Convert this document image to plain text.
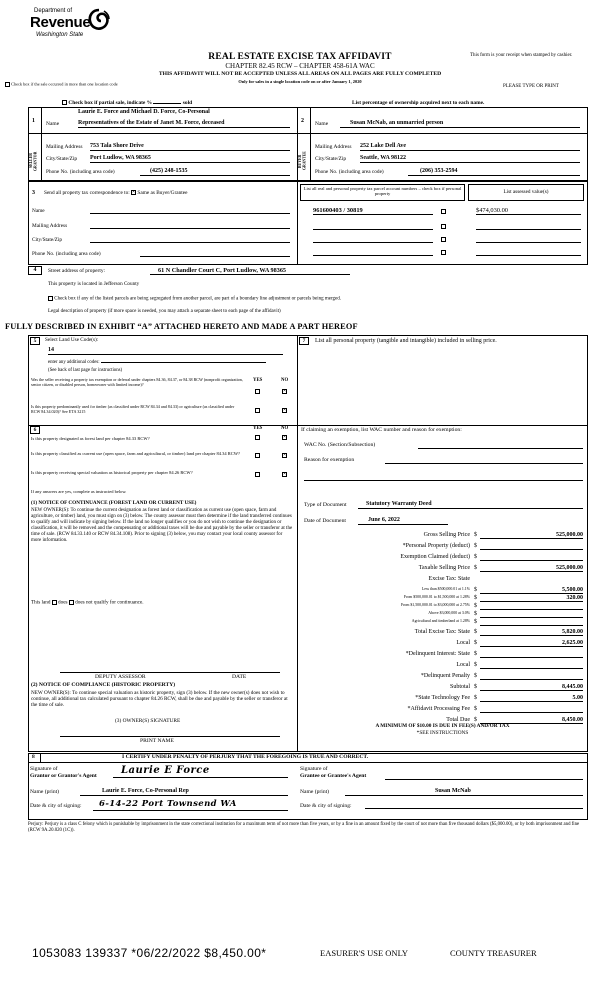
Department of
Revenue
Washington State
REAL ESTATE EXCISE TAX AFFIDAVIT
CHAPTER 82.45 RCW – CHAPTER 458-61A WAC
THIS AFFIDAVIT WILL NOT BE ACCEPTED UNLESS ALL AREAS ON ALL PAGES ARE FULLY COMPLETED
Only for sales in a single location code on or after January 1, 2020
This form is your receipt when stamped by cashier.
PLEASE TYPE OR PRINT
Check box if the sale occurred in more than one location code
Check box if partial sale, indicate %	sold	List percentage of ownership acquired next to each name.
1 Name
Laurie E. Force and Michael D. Force, Co-Personal
Representatives of the Estate of Janet M. Force, deceased
SELLER GRANTOR
Mailing Address 753 Tala Shore Drive
City/State/Zip Port Ludlow, WA 98365
Phone No. (including area code)	(425) 248-1535
2 Name	Susan McNab, an unmarried person
BUYER GRANTEE
Mailing Address 252 Lake Dell Ave
City/State/Zip Seattle, WA 98122
Phone No. (including area code)	(206) 353-2594
3 Send all property tax correspondence to: × Same as Buyer/Grantee
Name
Mailing Address
City/State/Zip
Phone No. (including area code)
List all real and personal property tax parcel account numbers – check box if personal property	List assessed value(s)
961600403 / 30819	$474,030.00
4	Street address of property:	61 N Chandler Court C, Port Ludlow, WA 98365
This property is located in Jefferson County
Check box if any of the listed parcels are being segregated from another parcel, are part of a boundary line adjustment or parcels being merged.
Legal description of property (if more space is needed, you may attach a separate sheet to each page of the affidavit)
FULLY DESCRIBED IN EXHIBIT “A” ATTACHED HERETO AND MADE A PART HEREOF
5	Select Land Use Code(s):
14
enter any additional codes:
(See back of last page for instructions)
YES	NO
Was the seller receiving a property tax exemption or deferral under chapters 84.36, 84.37, or 84.38 RCW (nonprofit organization, senior citizen, or disabled person, homeowner with limited income)?
×
Is this property predominantly used for timber (as classified under RCW 84.34 and 84.33) or agriculture (as classified under RCW 84.34.020)? See ETA 3215
×
7	List all personal property (tangible and intangible) included in selling price.
6	YES	NO
Is this property designated as forest land per chapter 84.33 RCW?
×
Is this property classified as current use (open space, farm and agricultural, or timber) land per chapter 84.34 RCW?
×
Is this property receiving special valuation as historical property per chapter 84.26 RCW?
×
If any answers are yes, complete as instructed below.
(1) NOTICE OF CONTINUANCE (FOREST LAND OR CURRENT USE)
NEW OWNER(S): To continue the current designation as forest land or classification as current use (open space, farm and agriculture, or timber) land, you must sign on (3) below. The county assessor must then determine if the land transferred continues to qualify and will indicate by signing below. If the land no longer qualifies or you do not wish to continue the designation or classification, it will be removed and the compensating or additional taxes will be due and payable by the seller or transferor at the time of sale. (RCW 84.33.140 or RCW 84.34.108). Prior to signing (3) below, you may contact your local county assessor for more information.
This land does does not qualify for continuance.
DEPUTY ASSESSOR	DATE
(2) NOTICE OF COMPLIANCE (HISTORIC PROPERTY)
NEW OWNER(S): To continue special valuation as historic property, sign (3) below. If the new owner(s) does not wish to continue, all additional tax calculated pursuant to chapter 84.26 RCW, shall be due and payable by the seller or transferor at the time of sale.
(3) OWNER(S) SIGNATURE
PRINT NAME
If claiming an exemption, list WAC number and reason for exemption:
WAC No. (Section/Subsection)
Reason for exemption
Type of Document	Statutory Warranty Deed
Date of Document	June 6, 2022
Gross Selling Price $	525,000.00
*Personal Property (deduct) $
Exemption Claimed (deduct) $
Taxable Selling Price $	525,000.00
Excise Tax: State
Less than $500,000.01 at 1.1% $	5,500.00
From $500,000.01 to $1,500,000 at 1.28% $	320.00
From $1,500,000.01 to $3,000,000 at 2.75% $
Above $3,000,000 at 3.0% $
Agricultural and timberland at 1.28% $
Total Excise Tax: State $	5,820.00
Local $	2,625.00
*Delinquent Interest: State $
Local $
*Delinquent Penalty $
Subtotal $	8,445.00
*State Technology Fee $	5.00
*Affidavit Processing Fee $
Total Due $	8,450.00
A MINIMUM OF $10.00 IS DUE IN FEE(S) AND/OR TAX
*SEE INSTRUCTIONS
8	I CERTIFY UNDER PENALTY OF PERJURY THAT THE FOREGOING IS TRUE AND CORRECT.
Signature of
Grantor or Grantor's Agent	Laurie E Force	Signature of
Grantee or Grantee's Agent
Name (print)	Laurie E. Force, Co-Personal Rep	Name (print)	Susan McNab
Date & city of signing:	6-14-22 Port Townsend WA	Date & city of signing:
Perjury: Perjury is a class C felony which is punishable by imprisonment in the state correctional institution for a maximum term of not more than five years, or by a fine in an amount fixed by the court of not more than five thousand dollars ($5,000.00), or by both imprisonment and fine (RCW 9A.20.020 (1C)).
1053083 139337 *06/22/2022 $8,450.00*	EASURER'S USE ONLY	COUNTY TREASURER
